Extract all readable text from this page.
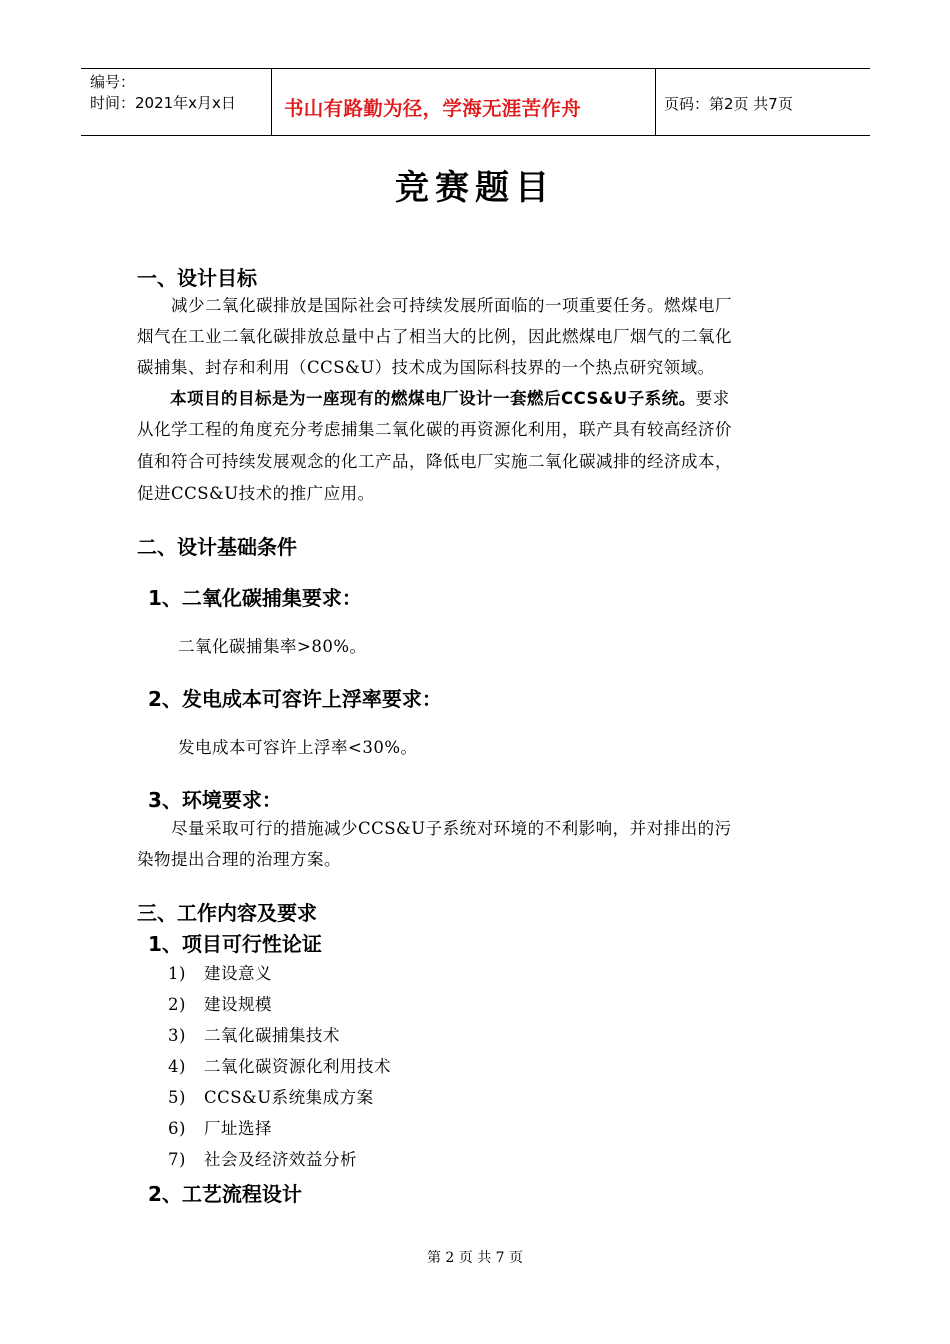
编号：
时间：2021年x月x日 书山有路勤为径，学海无涯苦作舟	页码：第2页 共7页
竞赛题目
一、设计目标
　　减少二氧化碳排放是国际社会可持续发展所面临的一项重要任务。燃煤电厂
烟气在工业二氧化碳排放总量中占了相当大的比例，因此燃煤电厂烟气的二氧化
碳捕集、封存和利用（CCS&U）技术成为国际科技界的一个热点研究领域。
本项目的目标是为一座现有的燃煤电厂设计一套燃后CCS&U子系统。要求
从化学工程的角度充分考虑捕集二氧化碳的再资源化利用，联产具有较高经济价
值和符合可持续发展观念的化工产品，降低电厂实施二氧化碳减排的经济成本，
促进CCS&U技术的推广应用。
二、设计基础条件
1、二氧化碳捕集要求：
二氧化碳捕集率>80%。
2、发电成本可容许上浮率要求：
发电成本可容许上浮率<30%。
3、环境要求：
　　尽量采取可行的措施减少CCS&U子系统对环境的不利影响，并对排出的污
染物提出合理的治理方案。
三、工作内容及要求
1、项目可行性论证
1) 建设意义
2) 建设规模
3) 二氧化碳捕集技术
4) 二氧化碳资源化利用技术
5) CCS&U系统集成方案
6) 厂址选择
7) 社会及经济效益分析
2、工艺流程设计
第 2 页 共 7 页
